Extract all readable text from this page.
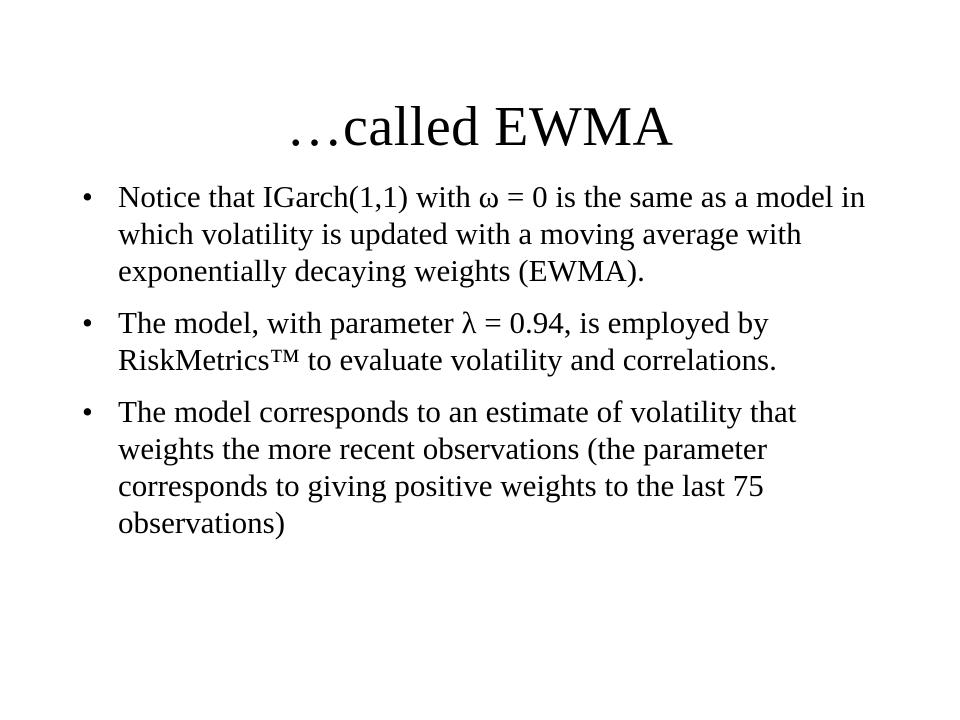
…called EWMA
• Notice that IGarch(1,1) with ω = 0 is the same as a model in which volatility is updated with a moving average with exponentially decaying weights (EWMA).
• The model, with parameter λ = 0.94, is employed by RiskMetrics™ to evaluate volatility and correlations.
• The model corresponds to an estimate of volatility that weights the more recent observations (the parameter corresponds to giving positive weights to the last 75 observations)
